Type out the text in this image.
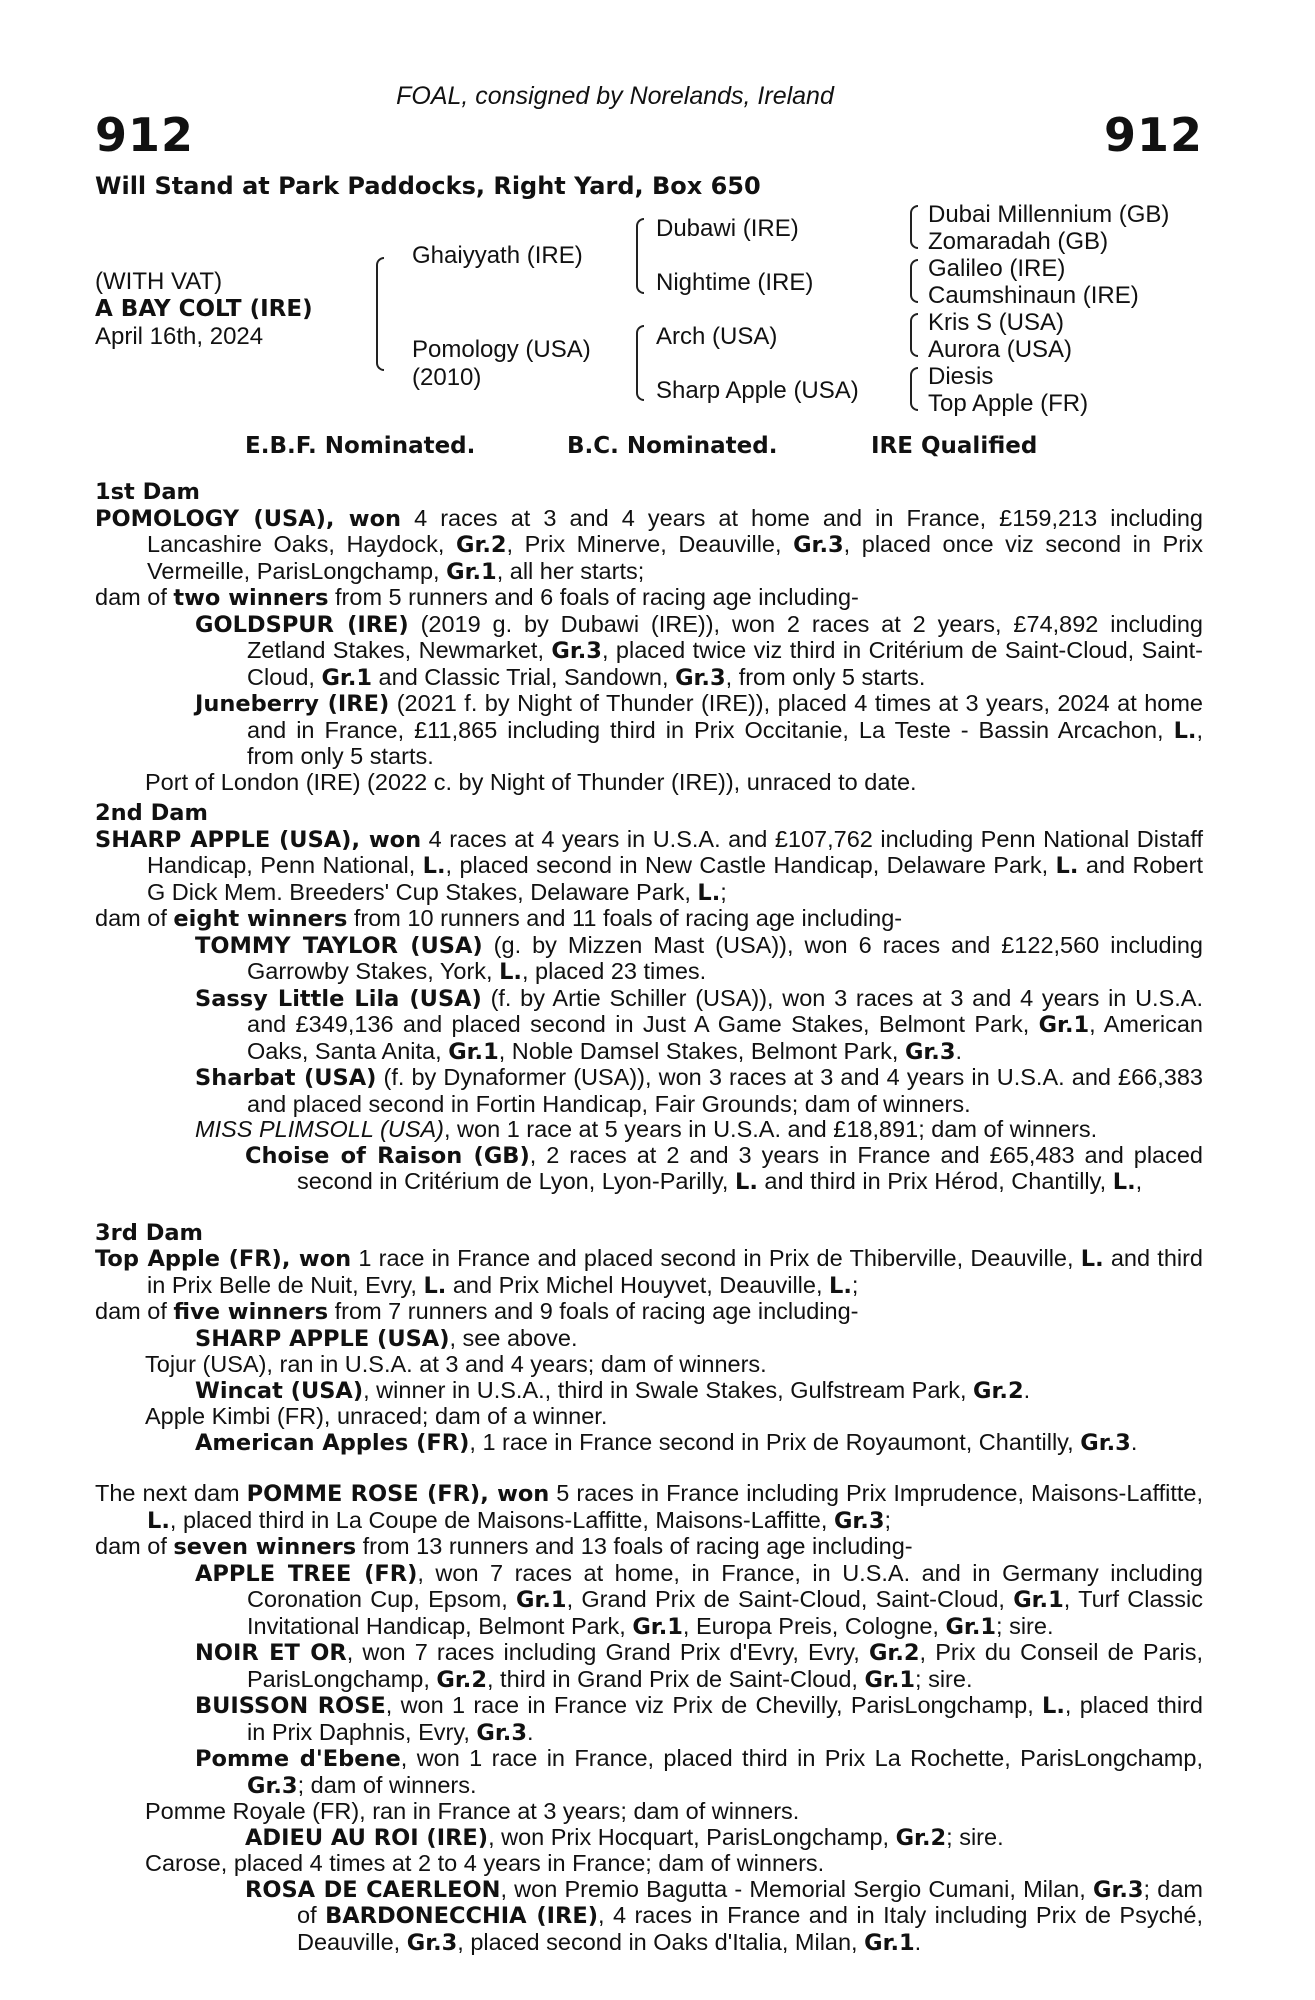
FOAL, consigned by Norelands, Ireland
912	912
Will Stand at Park Paddocks, Right Yard, Box 650
(WITH VAT)
A BAY COLT (IRE)
April 16th, 2024
Ghaiyyath (IRE)
Pomology (USA)
(2010)
Dubawi (IRE)
Nightime (IRE)
Arch (USA)
Sharp Apple (USA)
Dubai Millennium (GB)
Zomaradah (GB)
Galileo (IRE)
Caumshinaun (IRE)
Kris S (USA)
Aurora (USA)
Diesis
Top Apple (FR)
E.B.F. Nominated.	B.C. Nominated.	IRE Qualified
1st Dam
POMOLOGY (USA), won 4 races at 3 and 4 years at home and in France, £159,213 including Lancashire Oaks, Haydock, Gr.2, Prix Minerve, Deauville, Gr.3, placed once viz second in Prix Vermeille, ParisLongchamp, Gr.1, all her starts;
dam of two winners from 5 runners and 6 foals of racing age including-
GOLDSPUR (IRE) (2019 g. by Dubawi (IRE)), won 2 races at 2 years, £74,892 including Zetland Stakes, Newmarket, Gr.3, placed twice viz third in Critérium de Saint-Cloud, Saint-Cloud, Gr.1 and Classic Trial, Sandown, Gr.3, from only 5 starts.
Juneberry (IRE) (2021 f. by Night of Thunder (IRE)), placed 4 times at 3 years, 2024 at home and in France, £11,865 including third in Prix Occitanie, La Teste - Bassin Arcachon, L., from only 5 starts.
Port of London (IRE) (2022 c. by Night of Thunder (IRE)), unraced to date.
2nd Dam
SHARP APPLE (USA), won 4 races at 4 years in U.S.A. and £107,762 including Penn National Distaff Handicap, Penn National, L., placed second in New Castle Handicap, Delaware Park, L. and Robert G Dick Mem. Breeders' Cup Stakes, Delaware Park, L.;
dam of eight winners from 10 runners and 11 foals of racing age including-
TOMMY TAYLOR (USA) (g. by Mizzen Mast (USA)), won 6 races and £122,560 including Garrowby Stakes, York, L., placed 23 times.
Sassy Little Lila (USA) (f. by Artie Schiller (USA)), won 3 races at 3 and 4 years in U.S.A. and £349,136 and placed second in Just A Game Stakes, Belmont Park, Gr.1, American Oaks, Santa Anita, Gr.1, Noble Damsel Stakes, Belmont Park, Gr.3.
Sharbat (USA) (f. by Dynaformer (USA)), won 3 races at 3 and 4 years in U.S.A. and £66,383 and placed second in Fortin Handicap, Fair Grounds; dam of winners.
MISS PLIMSOLL (USA), won 1 race at 5 years in U.S.A. and £18,891; dam of winners.
Choise of Raison (GB), 2 races at 2 and 3 years in France and £65,483 and placed second in Critérium de Lyon, Lyon-Parilly, L. and third in Prix Hérod, Chantilly, L.,
3rd Dam
Top Apple (FR), won 1 race in France and placed second in Prix de Thiberville, Deauville, L. and third in Prix Belle de Nuit, Evry, L. and Prix Michel Houyvet, Deauville, L.;
dam of five winners from 7 runners and 9 foals of racing age including-
SHARP APPLE (USA), see above.
Tojur (USA), ran in U.S.A. at 3 and 4 years; dam of winners.
Wincat (USA), winner in U.S.A., third in Swale Stakes, Gulfstream Park, Gr.2.
Apple Kimbi (FR), unraced; dam of a winner.
American Apples (FR), 1 race in France second in Prix de Royaumont, Chantilly, Gr.3.
The next dam POMME ROSE (FR), won 5 races in France including Prix Imprudence, Maisons-Laffitte, L., placed third in La Coupe de Maisons-Laffitte, Maisons-Laffitte, Gr.3;
dam of seven winners from 13 runners and 13 foals of racing age including-
APPLE TREE (FR), won 7 races at home, in France, in U.S.A. and in Germany including Coronation Cup, Epsom, Gr.1, Grand Prix de Saint-Cloud, Saint-Cloud, Gr.1, Turf Classic Invitational Handicap, Belmont Park, Gr.1, Europa Preis, Cologne, Gr.1; sire.
NOIR ET OR, won 7 races including Grand Prix d'Evry, Evry, Gr.2, Prix du Conseil de Paris, ParisLongchamp, Gr.2, third in Grand Prix de Saint-Cloud, Gr.1; sire.
BUISSON ROSE, won 1 race in France viz Prix de Chevilly, ParisLongchamp, L., placed third in Prix Daphnis, Evry, Gr.3.
Pomme d'Ebene, won 1 race in France, placed third in Prix La Rochette, ParisLongchamp, Gr.3; dam of winners.
Pomme Royale (FR), ran in France at 3 years; dam of winners.
ADIEU AU ROI (IRE), won Prix Hocquart, ParisLongchamp, Gr.2; sire.
Carose, placed 4 times at 2 to 4 years in France; dam of winners.
ROSA DE CAERLEON, won Premio Bagutta - Memorial Sergio Cumani, Milan, Gr.3; dam of BARDONECCHIA (IRE), 4 races in France and in Italy including Prix de Psyché, Deauville, Gr.3, placed second in Oaks d'Italia, Milan, Gr.1.
